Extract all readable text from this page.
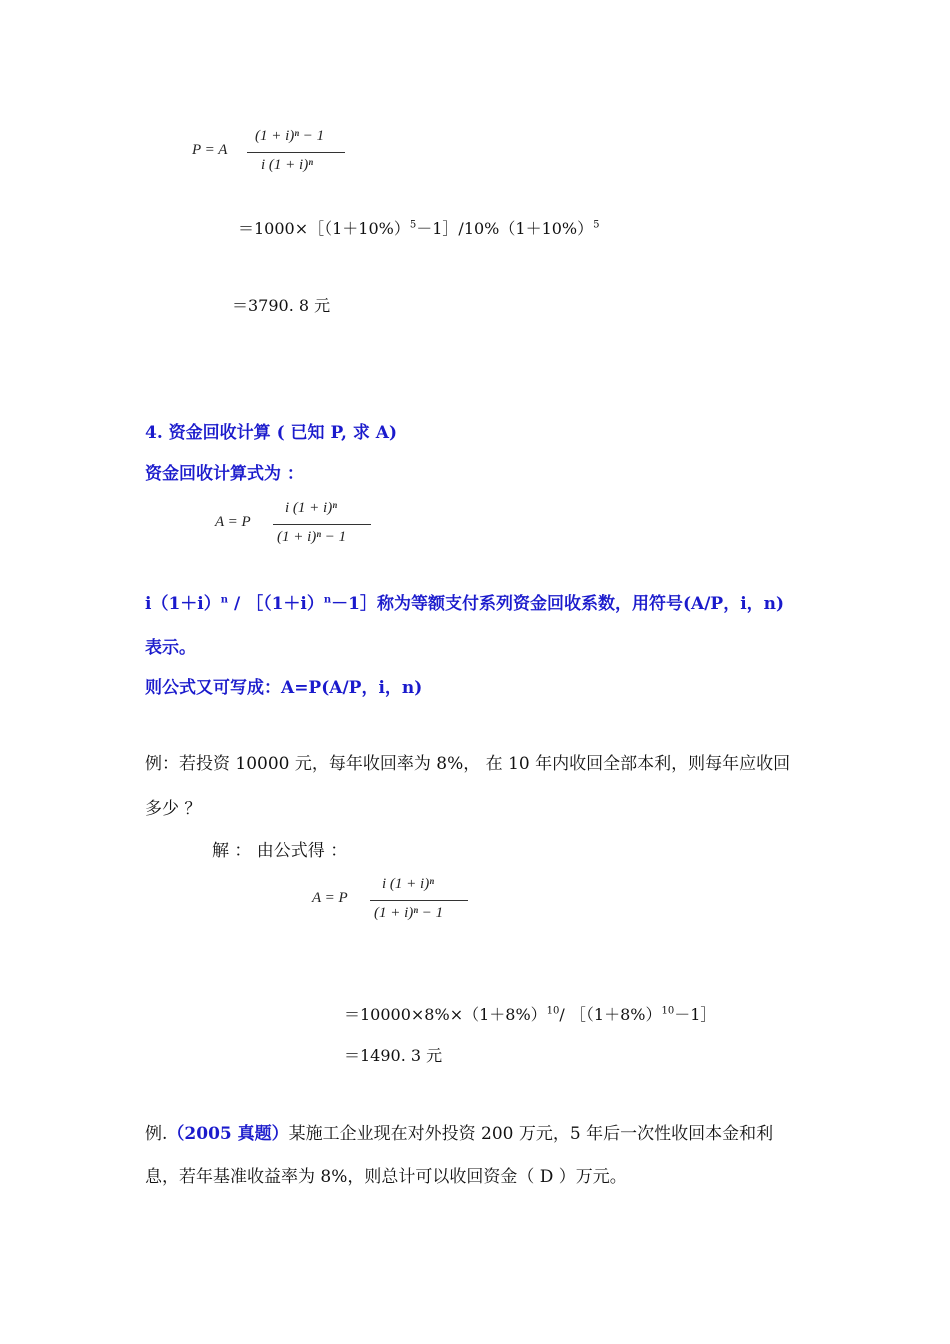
P = A
(1 + i)ⁿ − 1
i (1 + i)ⁿ
$=1000\times[(1+10\%)^5-1]/10\%(1+10\%)^5$
＝3790. 8 元
4. 资金回收计算 ( 已知 P, 求 A)
资金回收计算式为 ：
A = P
i (1 + i)ⁿ
(1 + i)ⁿ − 1
$i(1+i)^n$ / $[(1+i)^n-1]$称为等额支付系列资金回收系数，用符号(A/P，i，n)
表示。
则公式又可写成：A=P(A/P，i，n)
例：若投资 10000 元，每年收回率为 8%， 在 10 年内收回全部本利，则每年应收回
多少 ？
解 ： 由公式得 ：
A = P
i (1 + i)ⁿ
(1 + i)ⁿ − 1
$=10000\times 8\%\times(1+8\%)^{10}/$ $[(1+8\%)^{10}-1]$
＝1490. 3 元
例.（2005 真题）某施工企业现在对外投资 200 万元，5 年后一次性收回本金和利
息，若年基准收益率为 8%，则总计可以收回资金（ D ）万元。
